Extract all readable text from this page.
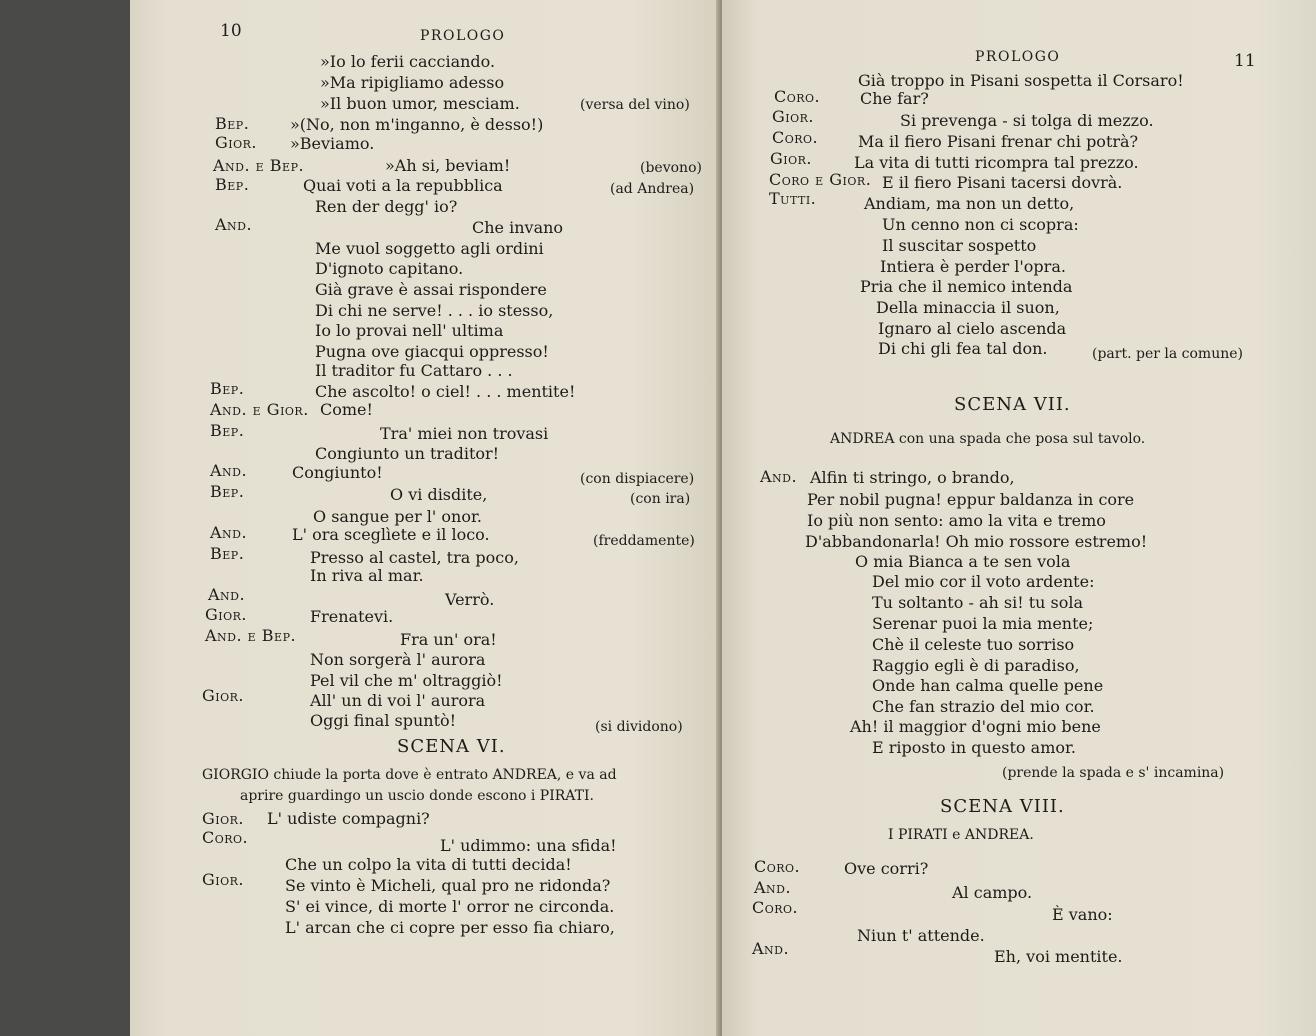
10	PROLOGO
»Io lo ferii cacciando.
»Ma ripigliamo adesso
»Il buon umor, mesciam.	(versa del vino)
Bep.	»(No, non m'inganno, è desso!)
Gior. »Beviamo.
And. e Bep.	»Ah si, beviam!	(bevono)
Bep.	Quai voti a la repubblica	(ad Andrea)
Ren der degg' io?
And.	Che invano
Me vuol soggetto agli ordini
D'ignoto capitano.
Già grave è assai rispondere
Di chi ne serve! . . . io stesso,
Io lo provai nell' ultima
Pugna ove giacqui oppresso!
Il traditor fu Cattaro . . .
Bep.	Che ascolto! o ciel! . . . mentite!
And. e Gior. Come!
Bep.	Tra' miei non trovasi
Congiunto un traditor!
And.	Congiunto!	(con dispiacere)
Bep.	O vi disdite,	(con ira)
O sangue per l' onor.
And.	L' ora sceglìete e il loco.	(freddamente)
Bep.	Presso al castel, tra poco,
In riva al mar.
And.	Verrò.
Gior.	Frenatevi.
And. e Bep.	Fra un' ora!
Non sorgerà l' aurora
Pel vil che m' oltraggiò!
Gior.	All' un di voi l' aurora
Oggi final spuntò!	(si dividono)
SCENA VI.
GIORGIO chiude la porta dove è entrato ANDREA, e va ad
aprire guardingo un uscio donde escono i PIRATI.
Gior. L' udiste compagni?
Coro.	L' udimmo: una sfida!
Che un colpo la vita di tutti decida!
Gior.	Se vinto è Micheli, qual pro ne ridonda?
S' ei vince, di morte l' orror ne circonda.
L' arcan che ci copre per esso fia chiaro,
PROLOGO	11
Già troppo in Pisani sospetta il Corsaro!
Coro. Che far?
Gior.	Si prevenga - si tolga di mezzo.
Coro. Ma il fiero Pisani frenar chi potrà?
Gior.	La vita di tutti ricompra tal prezzo.
Coro e Gior. E il fiero Pisani tacersi dovrà.
Tutti.	Andiam, ma non un detto,
Un cenno non ci scopra:
Il suscitar sospetto
Intiera è perder l'opra.
Pria che il nemico intenda
Della minaccia il suon,
Ignaro al cielo ascenda
Di chi gli fea tal don.	(part. per la comune)
SCENA VII.
ANDREA con una spada che posa sul tavolo.
And. Alfin ti stringo, o brando,
Per nobil pugna! eppur baldanza in core
Io più non sento: amo la vita e tremo
D'abbandonarla! Oh mio rossore estremo!
O mia Bianca a te sen vola
Del mio cor il voto ardente:
Tu soltanto - ah si! tu sola
Serenar puoi la mia mente;
Chè il celeste tuo sorriso
Raggio egli è di paradiso,
Onde han calma quelle pene
Che fan strazio del mio cor.
Ah! il maggior d'ogni mio bene
E riposto in questo amor.
(prende la spada e s' incamina)
SCENA VIII.
I PIRATI e ANDREA.
Coro.	Ove corri?
And.	Al campo.
Coro.	È vano:
Niun t' attende.
And.	Eh, voi mentite.
